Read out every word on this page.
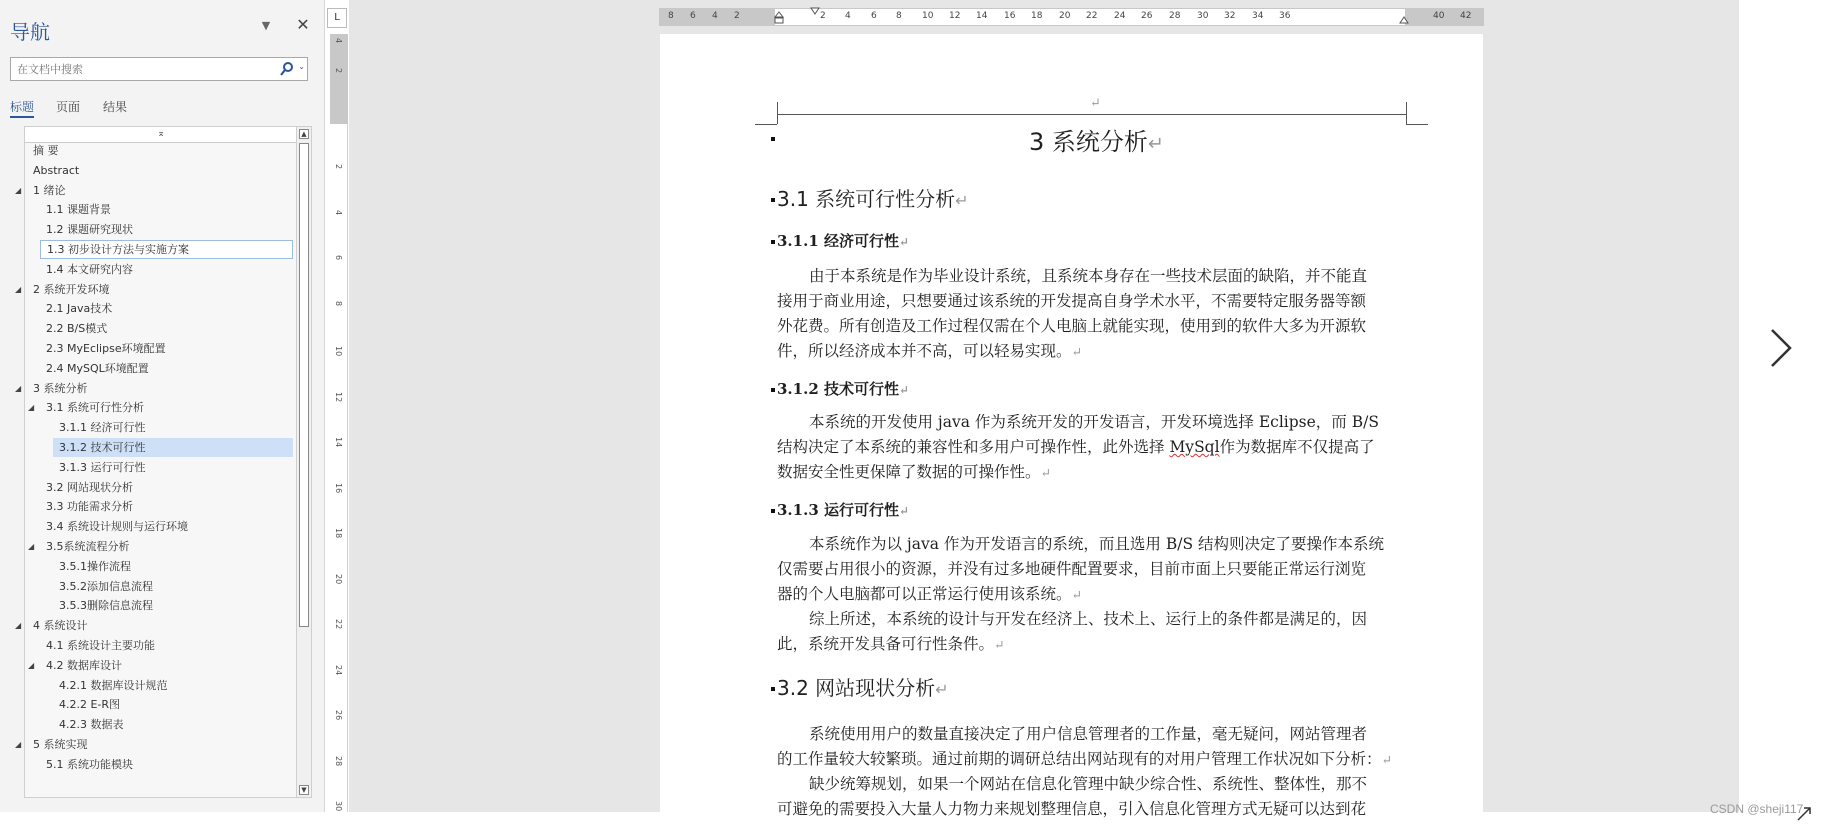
导航	▼ ✕
在文档中搜索
⌄
标题 页面 结果
⌅
摘 要
Abstract
◢ 1 绪论
1.1 课题背景
1.2 课题研究现状
1.3 初步设计方法与实施方案
1.4 本文研究内容
◢ 2 系统开发环境
2.1 Java技术
2.2 B/S模式
2.3 MyEclipse环境配置
2.4 MySQL环境配置
◢ 3 系统分析
◢ 3.1 系统可行性分析
3.1.1 经济可行性
3.1.2 技术可行性
3.1.3 运行可行性
3.2 网站现状分析
3.3 功能需求分析
3.4 系统设计规则与运行环境
◢ 3.5系统流程分析
3.5.1操作流程
3.5.2添加信息流程
3.5.3删除信息流程
◢ 4 系统设计
4.1 系统设计主要功能
◢ 4.2 数据库设计
4.2.1 数据库设计规范
4.2.2 E-R图
4.2.3 数据表
◢ 5 系统实现
5.1 系统功能模块
▲
▼
L
4
2
2
4
6
8
10
12
14
16
18
20
22
24
26
28
30
8 6 4 2	2 4 6 8 10 12 14 16 18 20 22 24 26 28 30 32 34 36	40 42
↵
3 系统分析↵
3.1 系统可行性分析↵
3.1.1 经济可行性↵
由于本系统是作为毕业设计系统，且系统本身存在一些技术层面的缺陷，并不能直
接用于商业用途，只想要通过该系统的开发提高自身学术水平，不需要特定服务器等额
外花费。所有创造及工作过程仅需在个人电脑上就能实现，使用到的软件大多为开源软
件，所以经济成本并不高，可以轻易实现。↵
3.1.2 技术可行性↵
本系统的开发使用 java 作为系统开发的开发语言，开发环境选择 Eclipse，而 B/S
结构决定了本系统的兼容性和多用户可操作性，此外选择 MySql作为数据库不仅提高了
数据安全性更保障了数据的可操作性。↵
3.1.3 运行可行性↵
本系统作为以 java 作为开发语言的系统，而且选用 B/S 结构则决定了要操作本系统
仅需要占用很小的资源，并没有过多地硬件配置要求，目前市面上只要能正常运行浏览
器的个人电脑都可以正常运行使用该系统。↵
综上所述，本系统的设计与开发在经济上、技术上、运行上的条件都是满足的，因
此，系统开发具备可行性条件。↵
3.2 网站现状分析↵
系统使用用户的数量直接决定了用户信息管理者的工作量，毫无疑问，网站管理者
的工作量较大较繁琐。通过前期的调研总结出网站现有的对用户管理工作状况如下分析：↵
缺少统筹规划，如果一个网站在信息化管理中缺少综合性、系统性、整体性，那不
可避免的需要投入大量人力物力来规划整理信息，引入信息化管理方式无疑可以达到花	CSDN @sheji117
